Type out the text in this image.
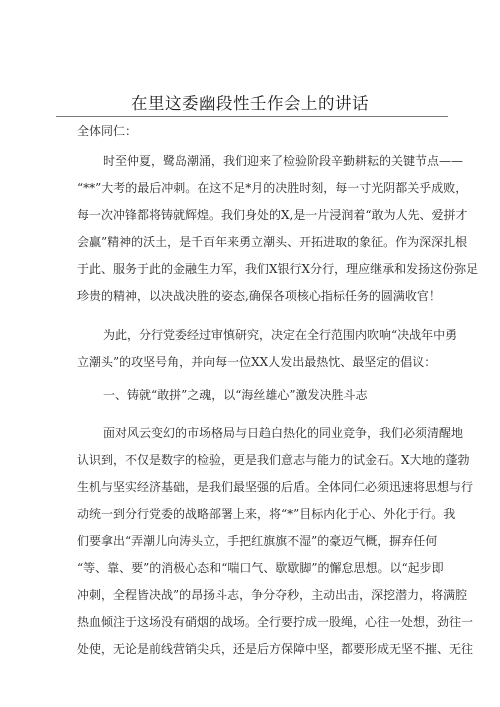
在里这委幽段性壬作会上的讲话
全体同仁：
时至仲夏，鹭岛潮涌，我们迎来了检验阶段辛勤耕耘的关键节点——
“**”大考的最后冲刺。在这不足*月的决胜时刻，每一寸光阴都关乎成败，
每一次冲锋都将铸就辉煌。我们身处的X,是一片浸润着“敢为人先、爱拼才
会赢”精神的沃土，是千百年来勇立潮头、开拓进取的象征。作为深深扎根
于此、服务于此的金融生力军，我们X银行X分行，理应继承和发扬这份弥足
珍贵的精神，以决战决胜的姿态,确保各项核心指标任务的圆满收官！
为此，分行党委经过审慎研究，决定在全行范围内吹响“决战年中勇
立潮头”的攻坚号角，并向每一位XX人发出最热忱、最坚定的倡议：
一、铸就“敢拼”之魂，以“海丝雄心”激发决胜斗志
面对风云变幻的市场格局与日趋白热化的同业竞争，我们必须清醒地
认识到，不仅是数字的检验，更是我们意志与能力的试金石。X大地的蓬勃
生机与坚实经济基础，是我们最坚强的后盾。全体同仁必须迅速将思想与行
动统一到分行党委的战略部署上来，将“*”目标内化于心、外化于行。我
们要拿出“弄潮儿向涛头立，手把红旗旗不湿”的豪迈气概，摒弃任何
“等、靠、要”的消极心态和“喘口气、歇歇脚”的懈怠思想。以“起步即
冲刺，全程皆决战”的昂扬斗志，争分夺秒，主动出击，深挖潜力，将满腔
热血倾注于这场没有硝烟的战场。全行要拧成一股绳，心往一处想，劲往一
处使，无论是前线营销尖兵，还是后方保障中坚，都要形成无坚不摧、无往
